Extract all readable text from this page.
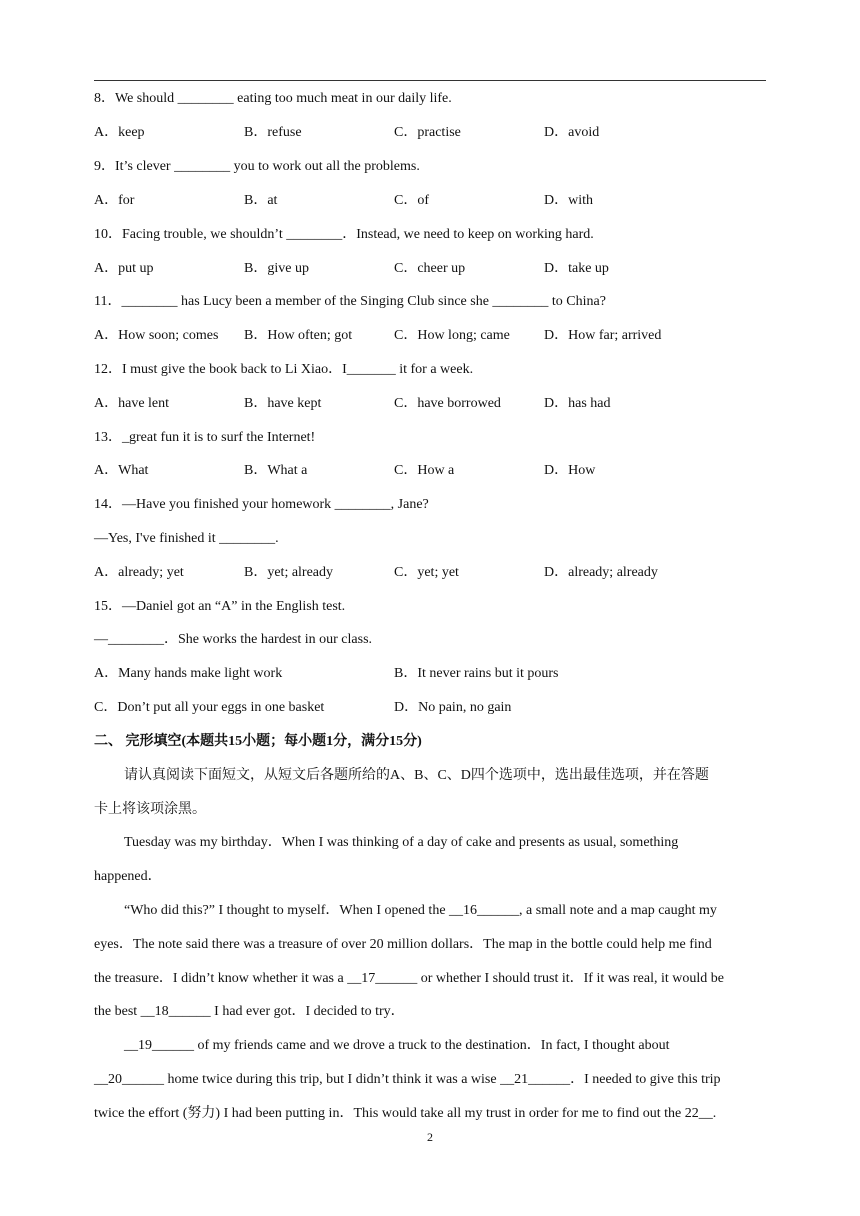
8．We should ________ eating too much meat in our daily life.
A．keep	B．refuse	C．practise	D．avoid
9．It’s clever ________ you to work out all the problems.
A．for	B．at	C．of	D．with
10．Facing trouble, we shouldn’t ________．Instead, we need to keep on working hard.
A．put up	B．give up	C．cheer up	D．take up
11．________ has Lucy been a member of the Singing Club since she ________ to China?
A．How soon; comes B．How often; got	C．How long; came D．How far; arrived
12．I must give the book back to Li Xiao．I_______ it for a week.
A．have lent	B．have kept	C．have borrowed	D．has had
13．_great fun it is to surf the Internet!
A．What	B．What a	C．How a	D．How
14．—Have you finished your homework ________, Jane?
—Yes, I've finished it ________.
A．already; yet	B．yet; already	C．yet; yet	D．already; already
15．—Daniel got an “A” in the English test.
—________．She works the hardest in our class.
A．Many hands make light work	B．It never rains but it pours
C．Don’t put all your eggs in one basket	D．No pain, no gain
二、 完形填空(本题共15小题；每小题1分，满分15分)
请认真阅读下面短文，从短文后各题所给的A、B、C、D四个选项中，选出最佳选项，并在答题
卡上将该项涂黑。
Tuesday was my birthday．When I was thinking of a day of cake and presents as usual, something
happened．
“Who did this?” I thought to myself．When I opened the __16______, a small note and a map caught my
eyes．The note said there was a treasure of over 20 million dollars．The map in the bottle could help me find
the treasure．I didn’t know whether it was a __17______ or whether I should trust it．If it was real, it would be
the best __18______ I had ever got．I decided to try．
__19______ of my friends came and we drove a truck to the destination．In fact, I thought about
__20______ home twice during this trip, but I didn’t think it was a wise __21______．I needed to give this trip
twice the effort (努力) I had been putting in．This would take all my trust in order for me to find out the 22__.
2
